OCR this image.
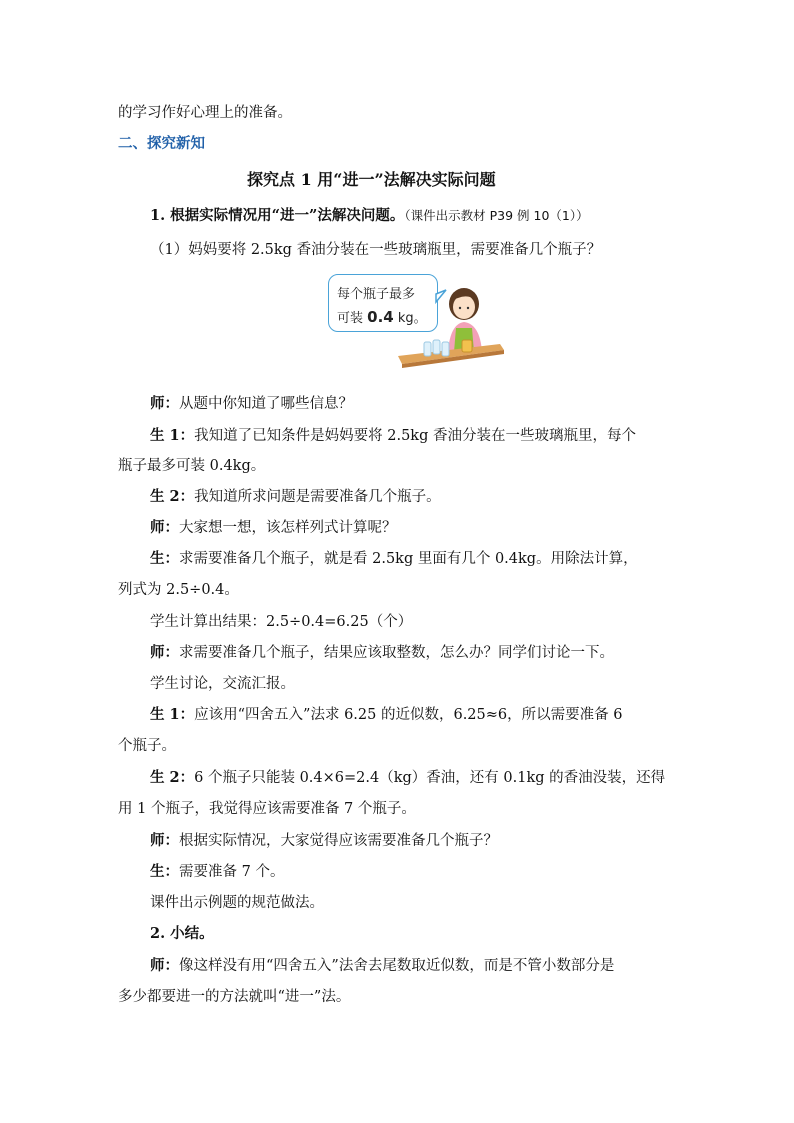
的学习作好心理上的准备。
二、探究新知
探究点 1 用“进一”法解决实际问题
1. 根据实际情况用“进一”法解决问题。（课件出示教材 P39 例 10（1））
（1）妈妈要将 2.5kg 香油分装在一些玻璃瓶里，需要准备几个瓶子？
每个瓶子最多
可装 0.4 kg。
师：从题中你知道了哪些信息？
生 1：我知道了已知条件是妈妈要将 2.5kg 香油分装在一些玻璃瓶里，每个
瓶子最多可装 0.4kg。
生 2：我知道所求问题是需要准备几个瓶子。
师：大家想一想，该怎样列式计算呢？
生：求需要准备几个瓶子，就是看 2.5kg 里面有几个 0.4kg。用除法计算，
列式为 2.5÷0.4。
学生计算出结果：2.5÷0.4=6.25（个）
师：求需要准备几个瓶子，结果应该取整数，怎么办？同学们讨论一下。
学生讨论，交流汇报。
生 1：应该用“四舍五入”法求 6.25 的近似数，6.25≈6，所以需要准备 6
个瓶子。
生 2：6 个瓶子只能装 0.4×6=2.4（kg）香油，还有 0.1kg 的香油没装，还得
用 1 个瓶子，我觉得应该需要准备 7 个瓶子。
师：根据实际情况，大家觉得应该需要准备几个瓶子？
生：需要准备 7 个。
课件出示例题的规范做法。
2. 小结。
师：像这样没有用“四舍五入”法舍去尾数取近似数，而是不管小数部分是
多少都要进一的方法就叫“进一”法。
